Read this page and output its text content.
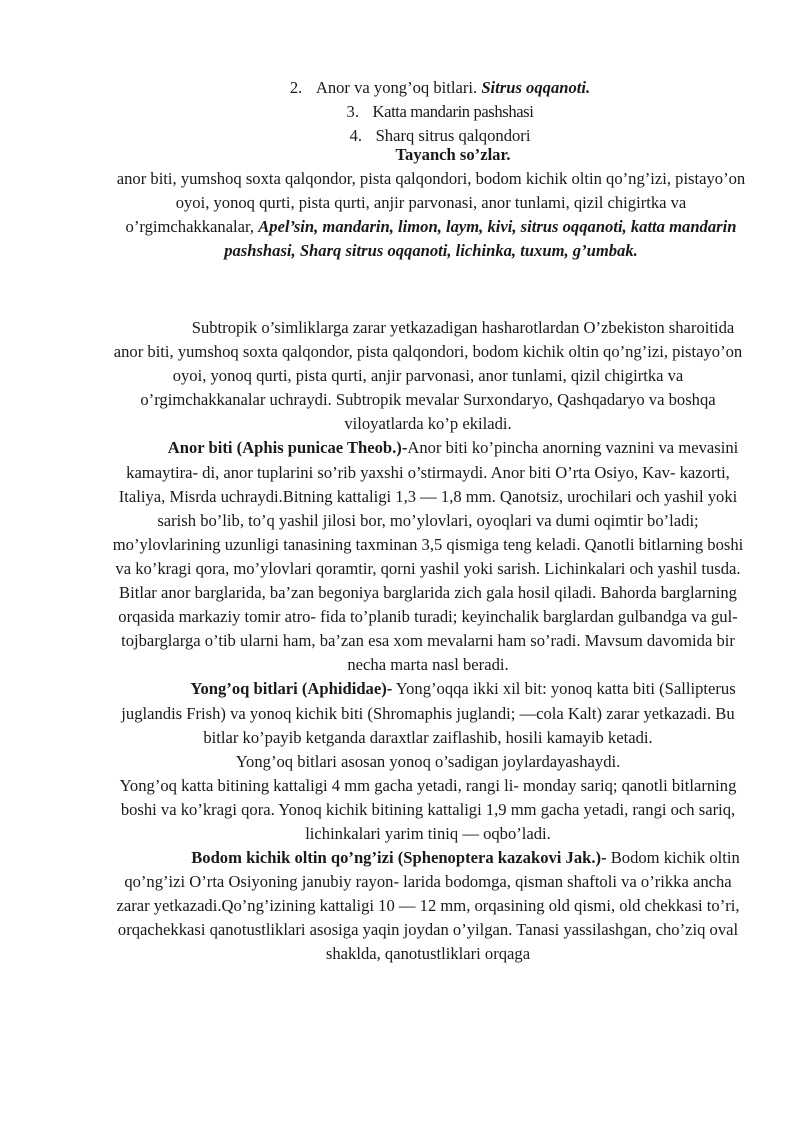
2. Anor va yong’oq bitlari. Sitrus oqqanoti.

3. Katta mandarin pashshasi

4. Sharq sitrus qalqondori

Tayanch so’zlar.

anor biti, yumshoq soxta qalqondor, pista qalqondori, bodom kichik oltin qo’ng’izi, pistayo’on oyoi, yonoq qurti, pista qurti, anjir parvonasi, anor tunlami, qizil chigirtka va o’rgimchakkanalar, Apel’sin, mandarin, limon, laym, kivi, sitrus oqqanoti, katta mandarin pashshasi, Sharq sitrus oqqanoti, lichinka, tuxum, g’umbak.

Subtropik o’simliklarga zarar yetkazadigan hasharotlardan O’zbekiston sharoitida anor biti, yumshoq soxta qalqondor, pista qalqondori, bodom kichik oltin qo’ng’izi, pistayo’on oyoi, yonoq qurti, pista qurti, anjir parvonasi, anor tunlami, qizil chigirtka va o’rgimchakkanalar uchraydi. Subtropik mevalar Surxondaryo, Qashqadaryo va boshqa viloyatlarda ko’p ekiladi.

Anor biti (Aphis punicae Theob.)-Anor biti ko’pincha anorning vaznini va mevasini kamaytira- di, anor tuplarini so’rib yaxshi o’stirmaydi. Anor biti O’rta Osiyo, Kav- kazorti, Italiya, Misrda uchraydi.Bitning kattaligi 1,3 — 1,8 mm. Qanotsiz, urochilari och yashil yoki sarish bo’lib, to’q yashil jilosi bor, mo’ylovlari, oyoqlari va dumi oqimtir bo’ladi; mo’ylovlarining uzunligi tanasining taxminan 3,5 qismiga teng keladi. Qanotli bitlarning boshi va ko’kragi qora, mo’ylovlari qoramtir, qorni yashil yoki sarish. Lichinkalari och yashil tusda. Bitlar anor barglarida, ba’zan begoniya barglarida zich gala hosil qiladi. Bahorda barglarning orqasida markaziy tomir atro- fida to’planib turadi; keyinchalik barglardan gulbandga va gul- tojbarglarga o’tib ularni ham, ba’zan esa xom mevalarni ham so’radi. Mavsum davomida bir necha marta nasl beradi.

Yong’oq bitlari (Aphididae)- Yong’oqqa ikki xil bit: yonoq katta biti (Sallipterus juglandis Frish) va yonoq kichik biti (Shromaphis juglandi; —cola Kalt) zarar yetkazadi. Bu bitlar ko’payib ketganda daraxtlar zaiflashib, hosili kamayib ketadi.

Yong’oq bitlari asosan yonoq o’sadigan joylardayashaydi.

Yong’oq katta bitining kattaligi 4 mm gacha yetadi, rangi li- monday sariq; qanotli bitlarning boshi va ko’kragi qora. Yonoq kichik bitining kattaligi 1,9 mm gacha yetadi, rangi och sariq, lichinkalari yarim tiniq — oqbo’ladi.

Bodom kichik oltin qo’ng’izi (Sphenoptera kazakovi Jak.)- Bodom kichik oltin qo’ng’izi O’rta Osiyoning janubiy rayon- larida bodomga, qisman shaftoli va o’rikka ancha zarar yetkazadi.Qo’ng’izining kattaligi 10 — 12 mm, orqasining old qismi, old chekkasi to’ri, orqachekkasi qanotustliklari asosiga yaqin joydan o’yilgan. Tanasi yassilashgan, cho’ziq oval shaklda, qanotustliklari orqaga
